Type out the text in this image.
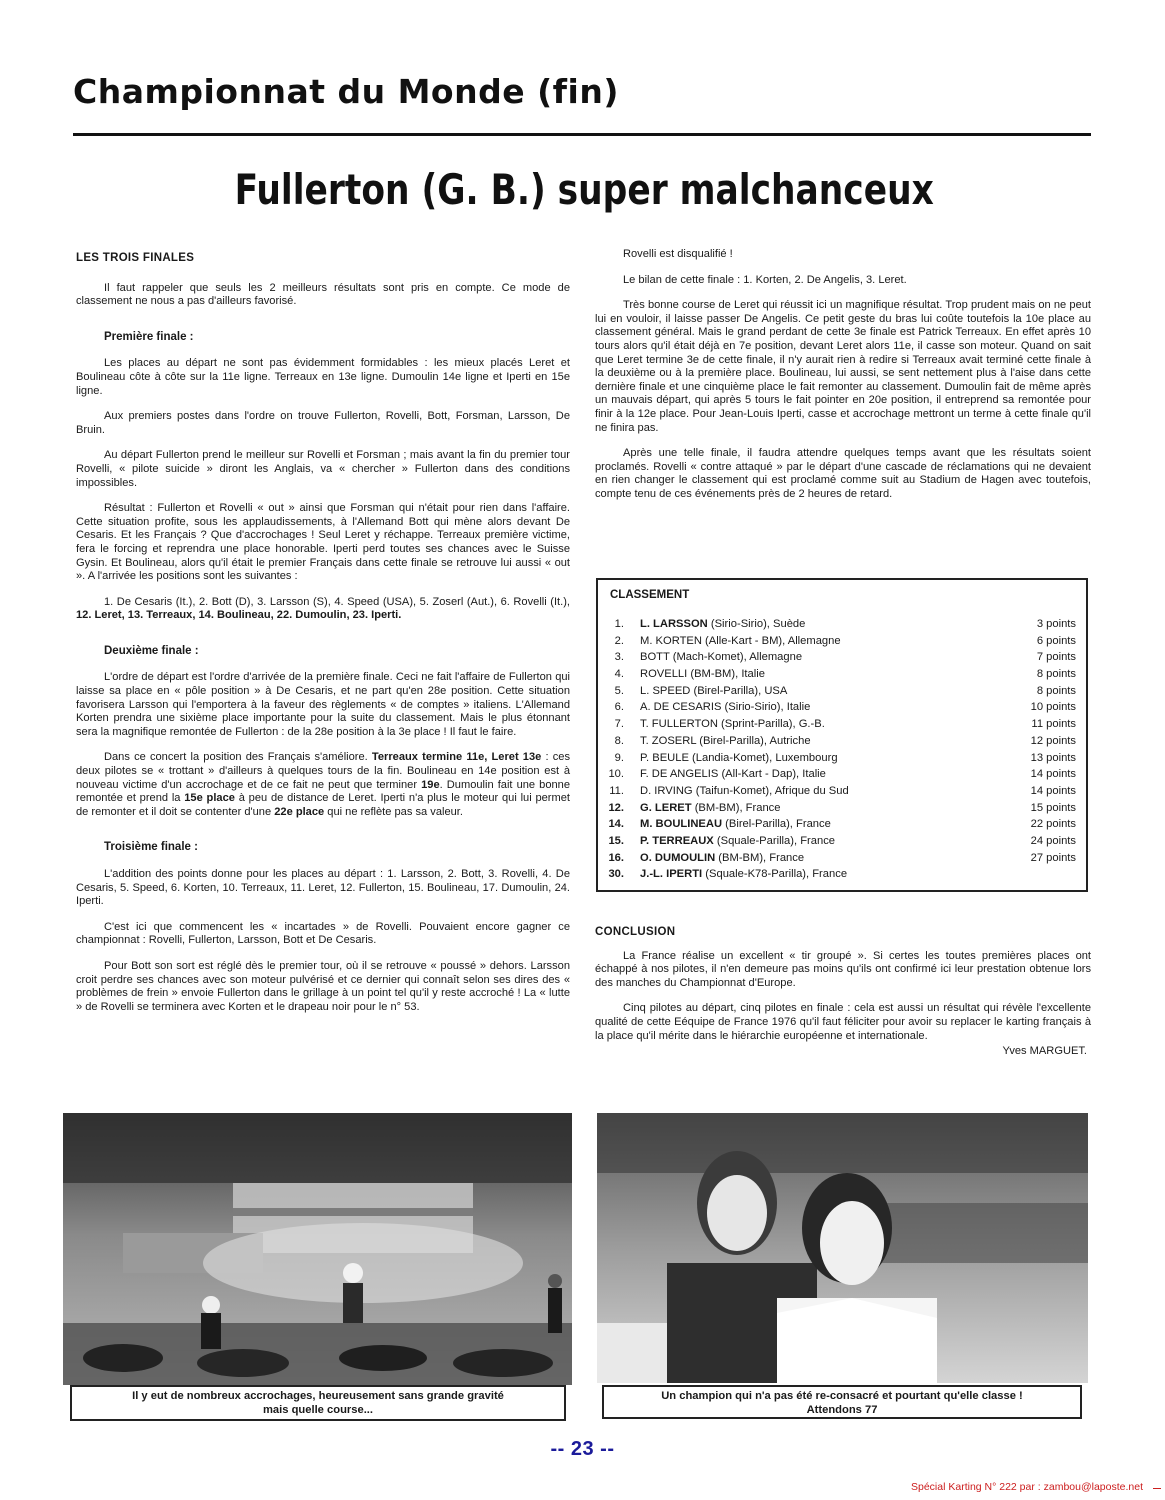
Championnat du Monde (fin)
Fullerton (G. B.) super malchanceux
LES TROIS FINALES

Il faut rappeler que seuls les 2 meilleurs résultats sont pris en compte. Ce mode de classement ne nous a pas d'ailleurs favorisé.

Première finale :

Les places au départ ne sont pas évidemment formidables : les mieux placés Leret et Boulineau côte à côte sur la 11e ligne. Terreaux en 13e ligne. Dumoulin 14e ligne et Iperti en 15e ligne.

Aux premiers postes dans l'ordre on trouve Fullerton, Rovelli, Bott, Forsman, Larsson, De Bruin.

Au départ Fullerton prend le meilleur sur Rovelli et Forsman ; mais avant la fin du premier tour Rovelli, « pilote suicide » diront les Anglais, va « chercher » Fullerton dans des conditions impossibles.

Résultat : Fullerton et Rovelli « out » ainsi que Forsman qui n'était pour rien dans l'affaire. Cette situation profite, sous les applaudissements, à l'Allemand Bott qui mène alors devant De Cesaris. Et les Français ? Que d'accrochages ! Seul Leret y réchappe. Terreaux première victime, fera le forcing et reprendra une place honorable. Iperti perd toutes ses chances avec le Suisse Gysin. Et Boulineau, alors qu'il était le premier Français dans cette finale se retrouve lui aussi « out ». A l'arrivée les positions sont les suivantes :

1. De Cesaris (It.), 2. Bott (D), 3. Larsson (S), 4. Speed (USA), 5. Zoserl (Aut.), 6. Rovelli (It.), 12. Leret, 13. Terreaux, 14. Boulineau, 22. Dumoulin, 23. Iperti.

Deuxième finale :

L'ordre de départ est l'ordre d'arrivée de la première finale. Ceci ne fait l'affaire de Fullerton qui laisse sa place en « pôle position » à De Cesaris, et ne part qu'en 28e position. Cette situation favorisera Larsson qui l'emportera à la faveur des règlements « de comptes » italiens. L'Allemand Korten prendra une sixième place importante pour la suite du classement. Mais le plus étonnant sera la magnifique remontée de Fullerton : de la 28e position à la 3e place ! Il faut le faire.

Dans ce concert la position des Français s'améliore. Terreaux termine 11e, Leret 13e : ces deux pilotes se « trottant » d'ailleurs à quelques tours de la fin. Boulineau en 14e position est à nouveau victime d'un accrochage et de ce fait ne peut que terminer 19e. Dumoulin fait une bonne remontée et prend la 15e place à peu de distance de Leret. Iperti n'a plus le moteur qui lui permet de remonter et il doit se contenter d'une 22e place qui ne reflète pas sa valeur.

Troisième finale :

L'addition des points donne pour les places au départ : 1. Larsson, 2. Bott, 3. Rovelli, 4. De Cesaris, 5. Speed, 6. Korten, 10. Terreaux, 11. Leret, 12. Fullerton, 15. Boulineau, 17. Dumoulin, 24. Iperti.

C'est ici que commencent les « incartades » de Rovelli. Pouvaient encore gagner ce championnat : Rovelli, Fullerton, Larsson, Bott et De Cesaris.

Pour Bott son sort est réglé dès le premier tour, où il se retrouve « poussé » dehors. Larsson croit perdre ses chances avec son moteur pulvérisé et ce dernier qui connaît selon ses dires des « problèmes de frein » envoie Fullerton dans le grillage à un point tel qu'il y reste accroché ! La « lutte » de Rovelli se terminera avec Korten et le drapeau noir pour le n° 53.

Rovelli est disqualifié !

Le bilan de cette finale : 1. Korten, 2. De Angelis, 3. Leret.

Très bonne course de Leret qui réussit ici un magnifique résultat. Trop prudent mais on ne peut lui en vouloir, il laisse passer De Angelis. Ce petit geste du bras lui coûte toutefois la 10e place au classement général. Mais le grand perdant de cette 3e finale est Patrick Terreaux. En effet après 10 tours alors qu'il était déjà en 7e position, devant Leret alors 11e, il casse son moteur. Quand on sait que Leret termine 3e de cette finale, il n'y aurait rien à redire si Terreaux avait terminé cette finale à la deuxième ou à la première place. Boulineau, lui aussi, se sent nettement plus à l'aise dans cette dernière finale et une cinquième place le fait remonter au classement. Dumoulin fait de même après un mauvais départ, qui après 5 tours le fait pointer en 20e position, il entreprend sa remontée pour finir à la 12e place. Pour Jean-Louis Iperti, casse et accrochage mettront un terme à cette finale qu'il ne finira pas.

Après une telle finale, il faudra attendre quelques temps avant que les résultats soient proclamés. Rovelli « contre attaqué » par le départ d'une cascade de réclamations qui ne devaient en rien changer le classement qui est proclamé comme suit au Stadium de Hagen avec toutefois, compte tenu de ces événements près de 2 heures de retard.

CLASSEMENT
1. L. LARSSON (Sirio-Sirio), Suède	3 points
2. M. KORTEN (Alle-Kart - BM), Allemagne	6 points
3. BOTT (Mach-Komet), Allemagne	7 points
4. ROVELLI (BM-BM), Italie	8 points
5. L. SPEED (Birel-Parilla), USA	8 points
6. A. DE CESARIS (Sirio-Sirio), Italie	10 points
7. T. FULLERTON (Sprint-Parilla), G.-B.	11 points
8. T. ZOSERL (Birel-Parilla), Autriche	12 points
9. P. BEULE (Landia-Komet), Luxembourg	13 points
10. F. DE ANGELIS (All-Kart - Dap), Italie	14 points
11. D. IRVING (Taifun-Komet), Afrique du Sud	14 points
12. G. LERET (BM-BM), France	15 points
14. M. BOULINEAU (Birel-Parilla), France	22 points
15. P. TERREAUX (Squale-Parilla), France	24 points
16. O. DUMOULIN (BM-BM), France	27 points
30. J.-L. IPERTI (Squale-K78-Parilla), France
CONCLUSION

La France réalise un excellent « tir groupé ». Si certes les toutes premières places ont échappé à nos pilotes, il n'en demeure pas moins qu'ils ont confirmé ici leur prestation obtenue lors des manches du Championnat d'Europe.

Cinq pilotes au départ, cinq pilotes en finale : cela est aussi un résultat qui révèle l'excellente qualité de cette Eéquipe de France 1976 qu'il faut féliciter pour avoir su replacer le karting français à la place qu'il mérite dans le hiérarchie européenne et internationale.

Yves MARGUET.

Il y eut de nombreux accrochages, heureusement sans grande gravité
mais quelle course...
Un champion qui n'a pas été re-consacré et pourtant qu'elle classe !
Attendons 77
-- 23 --
Spécial Karting N° 222 par : zambou@laposte.net
